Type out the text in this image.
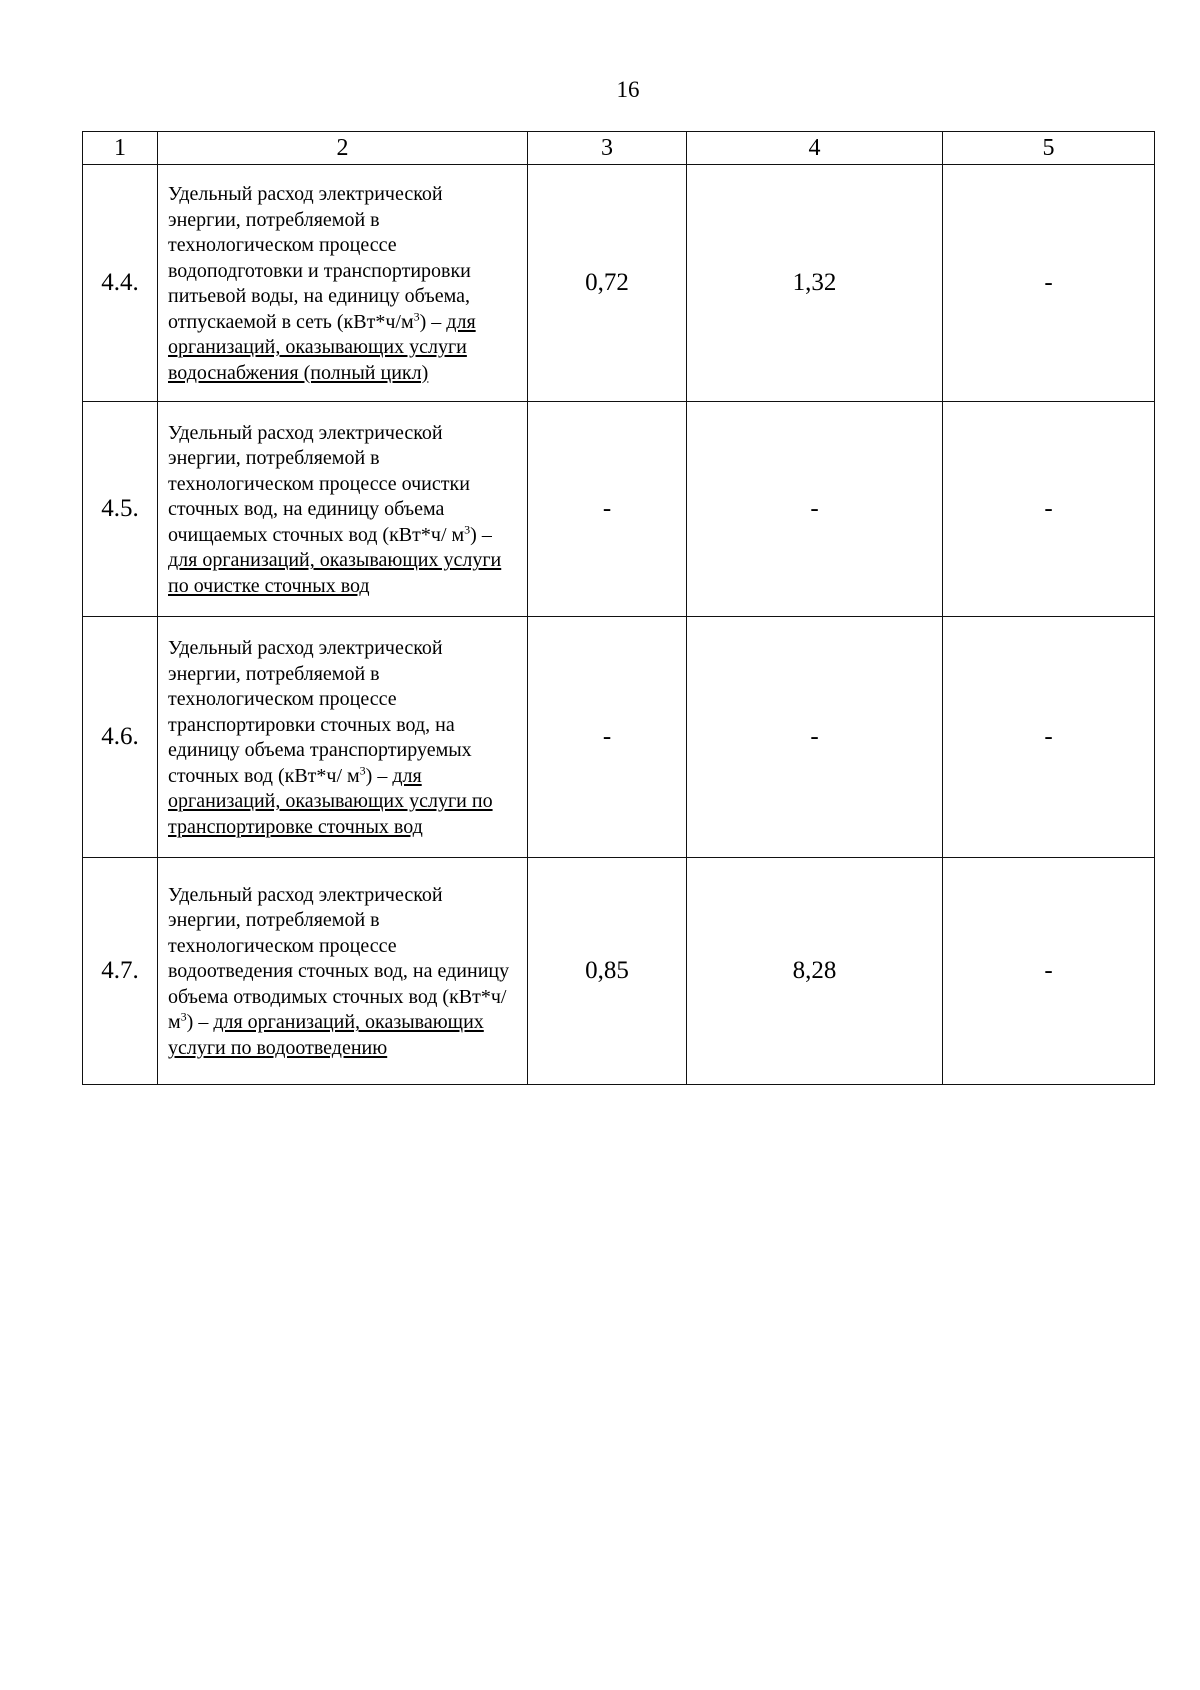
16
1	2	3	4	5
4.4.	Удельный расход электрической энергии, потребляемой в технологическом процессе водоподготовки и транспортировки питьевой воды, на единицу объема, отпускаемой в сеть $(кВт*ч/м^3)$ – для организаций, оказывающих услуги водоснабжения (полный цикл)	0,72	1,32	-
4.5.	Удельный расход электрической энергии, потребляемой в технологическом процессе очистки сточных вод, на единицу объема очищаемых сточных вод (кВт*ч/ $м^3$) – для организаций, оказывающих услуги по очистке сточных вод	-	-	-
4.6.	Удельный расход электрической энергии, потребляемой в технологическом процессе транспортировки сточных вод, на единицу объема транспортируемых сточных вод (кВт*ч/ $м^3$) – для организаций, оказывающих услуги по транспортировке сточных вод	-	-	-
4.7.	Удельный расход электрической энергии, потребляемой в технологическом процессе водоотведения сточных вод, на единицу объема отводимых сточных вод (кВт*ч/ $м^3$) – для организаций, оказывающих услуги по водоотведению	0,85	8,28	-
